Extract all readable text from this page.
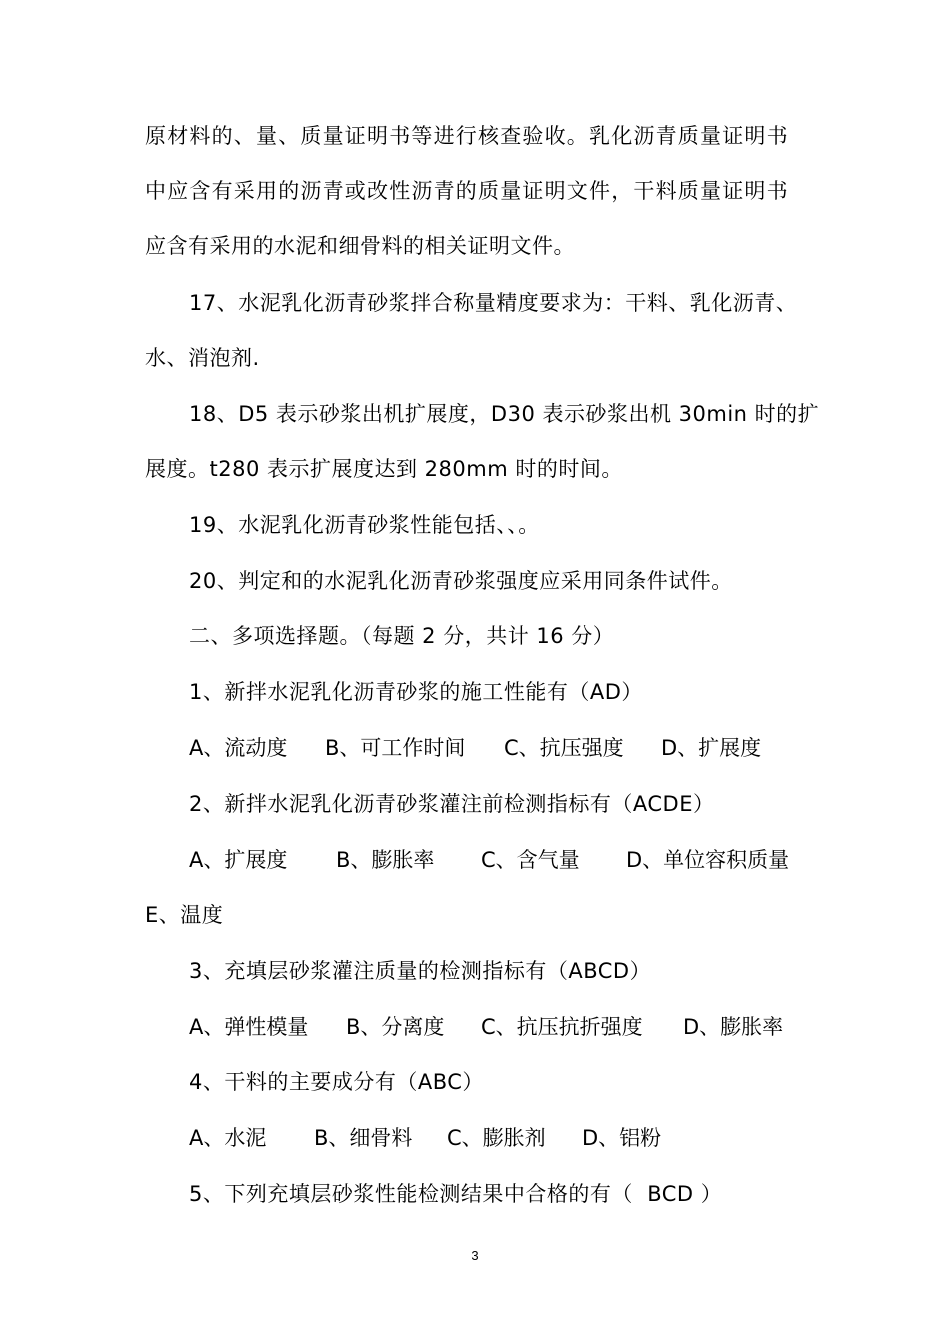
原材料的、量、质量证明书等进行核查验收。乳化沥青质量证明书
中应含有采用的沥青或改性沥青的质量证明文件，干料质量证明书
应含有采用的水泥和细骨料的相关证明文件。
17、水泥乳化沥青砂浆拌合称量精度要求为：干料、乳化沥青、
水、消泡剂.
18、D5 表示砂浆出机扩展度，D30 表示砂浆出机 30min 时的扩
展度。t280 表示扩展度达到 280mm 时的时间。
19、水泥乳化沥青砂浆性能包括、、。
20、判定和的水泥乳化沥青砂浆强度应采用同条件试件。
二、多项选择题。（每题 2 分，共计 16 分）
1、新拌水泥乳化沥青砂浆的施工性能有（AD）
A、流动度 B、可工作时间 C、抗压强度 D、扩展度
2、新拌水泥乳化沥青砂浆灌注前检测指标有（ACDE）
A、扩展度 B、膨胀率 C、含气量 D、单位容积质量
E、温度
3、充填层砂浆灌注质量的检测指标有（ABCD）
A、弹性模量 B、分离度 C、抗压抗折强度 D、膨胀率
4、干料的主要成分有（ABC）
A、水泥 B、细骨料 C、膨胀剂 D、铝粉
5、下列充填层砂浆性能检测结果中合格的有（  BCD ）
3
